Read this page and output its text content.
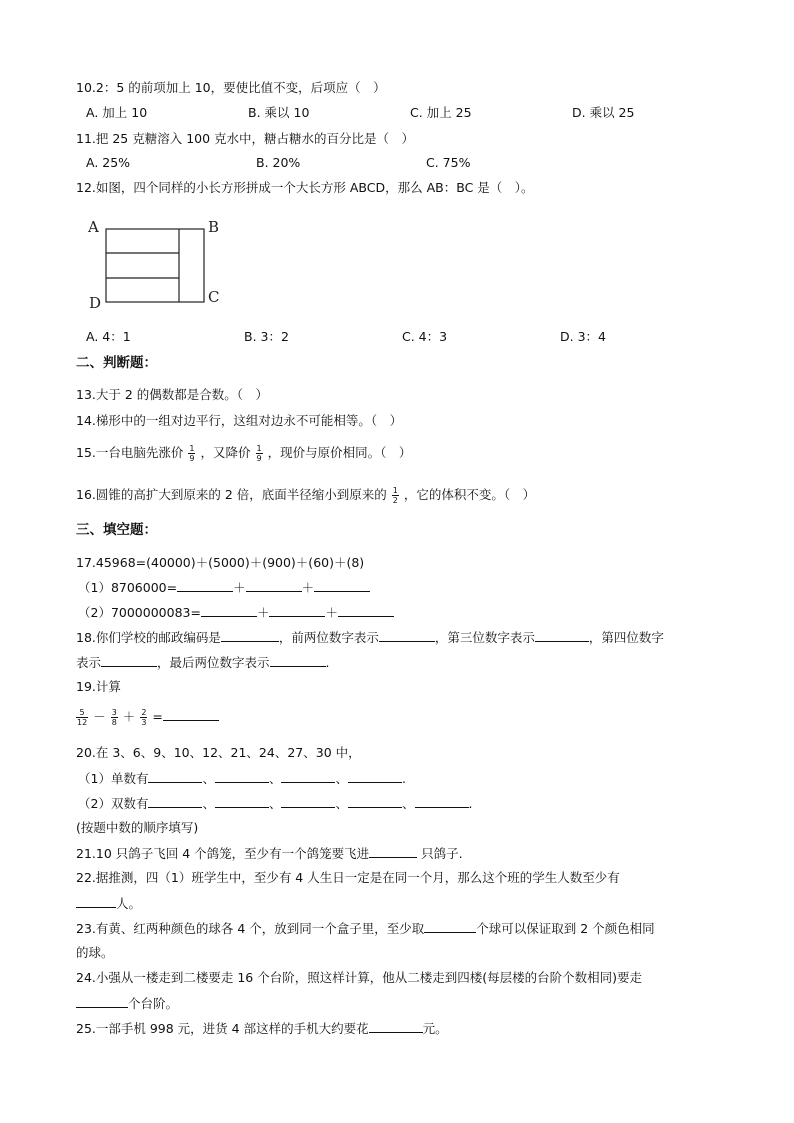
10.2：5 的前项加上 10，要使比值不变，后项应（　）
A. 加上 10	B. 乘以 10	C. 加上 25	D. 乘以 25
11.把 25 克糖溶入 100 克水中，糖占糖水的百分比是（　）
A. 25%	B. 20%	C. 75%
12.如图，四个同样的小长方形拼成一个大长方形 ABCD，那么 AB：BC 是（　）。
A	B
C
D
A. 4：1	B. 3：2	C. 4：3	D. 3：4
二、判断题：
13.大于 2 的偶数都是合数。（　）
14.梯形中的一组对边平行，这组对边永不可能相等。（　）
15.一台电脑先涨价 $\frac{1}{9}$ ，又降价 $\frac{1}{9}$ ，现价与原价相同。（　）
16.圆锥的高扩大到原来的 2 倍，底面半径缩小到原来的 $\frac{1}{2}$ ，它的体积不变。（　）
三、填空题：
17.45968=(40000)＋(5000)＋(900)＋(60)＋(8)
（1）8706000=	＋	＋
（2）7000000083=	＋	＋
18.你们学校的邮政编码是	，前两位数字表示	，第三位数字表示	，第四位数字
表示	，最后两位数字表示	.
19.计算
$\frac{5}{12} - \frac{3}{8} + \frac{2}{3}$ =
20.在 3、6、9、10、12、21、24、27、30 中，
（1）单数有	、	、	、	.
（2）双数有	、	、	、	、	.
(按题中数的顺序填写)
21.10 只鸽子飞回 4 个鸽笼，至少有一个鸽笼要飞进	只鸽子.
22.据推测，四（1）班学生中，至少有 4 人生日一定是在同一个月，那么这个班的学生人数至少有
人。
23.有黄、红两种颜色的球各 4 个，放到同一个盒子里，至少取	个球可以保证取到 2 个颜色相同
的球。
24.小强从一楼走到二楼要走 16 个台阶，照这样计算，他从二楼走到四楼(每层楼的台阶个数相同)要走
个台阶。
25.一部手机 998 元，进货 4 部这样的手机大约要花	元。
